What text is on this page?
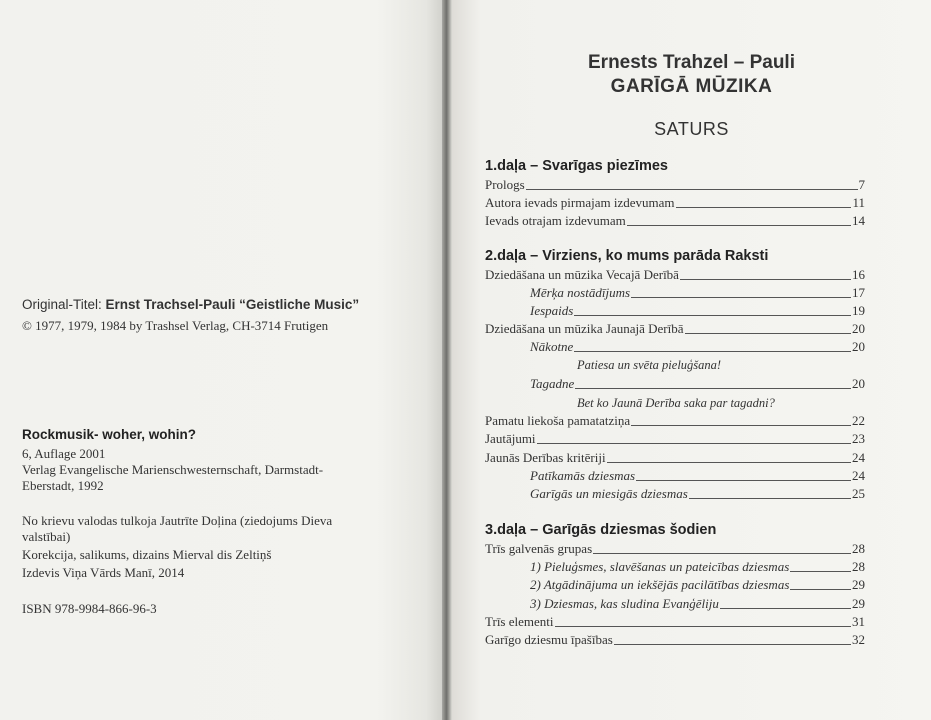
Original-Titel: Ernst Trachsel-Pauli “Geistliche Music”
© 1977, 1979, 1984 by Trashsel Verlag, CH-3714 Frutigen
Rockmusik- woher, wohin?
6, Auflage 2001
Verlag Evangelische Marienschwesternschaft, Darmstadt-
Eberstadt, 1992
No krievu valodas tulkoja Jautrīte Doļina (ziedojums Dieva
valstībai)
Korekcija, salikums, dizains Mierval dis Zeltiņš
Izdevis Viņa Vārds Manī, 2014
ISBN 978-9984-866-96-3
Ernests Trahzel – Pauli
GARĪGĀ MŪZIKA
SATURS
1.daļa – Svarīgas piezīmes
Prologs	7
Autora ievads pirmajam izdevumam	11
Ievads otrajam izdevumam	14
2.daļa – Virziens, ko mums parāda Raksti
Dziedāšana un mūzika Vecajā Derībā	16
Mērķa nostādījums	17
Iespaids	19
Dziedāšana un mūzika Jaunajā Derībā	20
Nākotne	20
Patiesa un svēta pieluģšana!
Tagadne	20
Bet ko Jaunā Derība saka par tagadni?
Pamatu liekoša pamatatziņa	22
Jautājumi	23
Jaunās Derības kritēriji	24
Patīkamās dziesmas	24
Garīgās un miesigās dziesmas	25
3.daļa – Garīgās dziesmas šodien
Trīs galvenās grupas	28
1) Pieluģsmes, slavēšanas un pateicības dziesmas	28
2) Atgādinājuma un iekšējās pacilātības dziesmas	29
3) Dziesmas, kas sludina Evanģēliju	29
Trīs elementi	31
Garīgo dziesmu īpašības	32
